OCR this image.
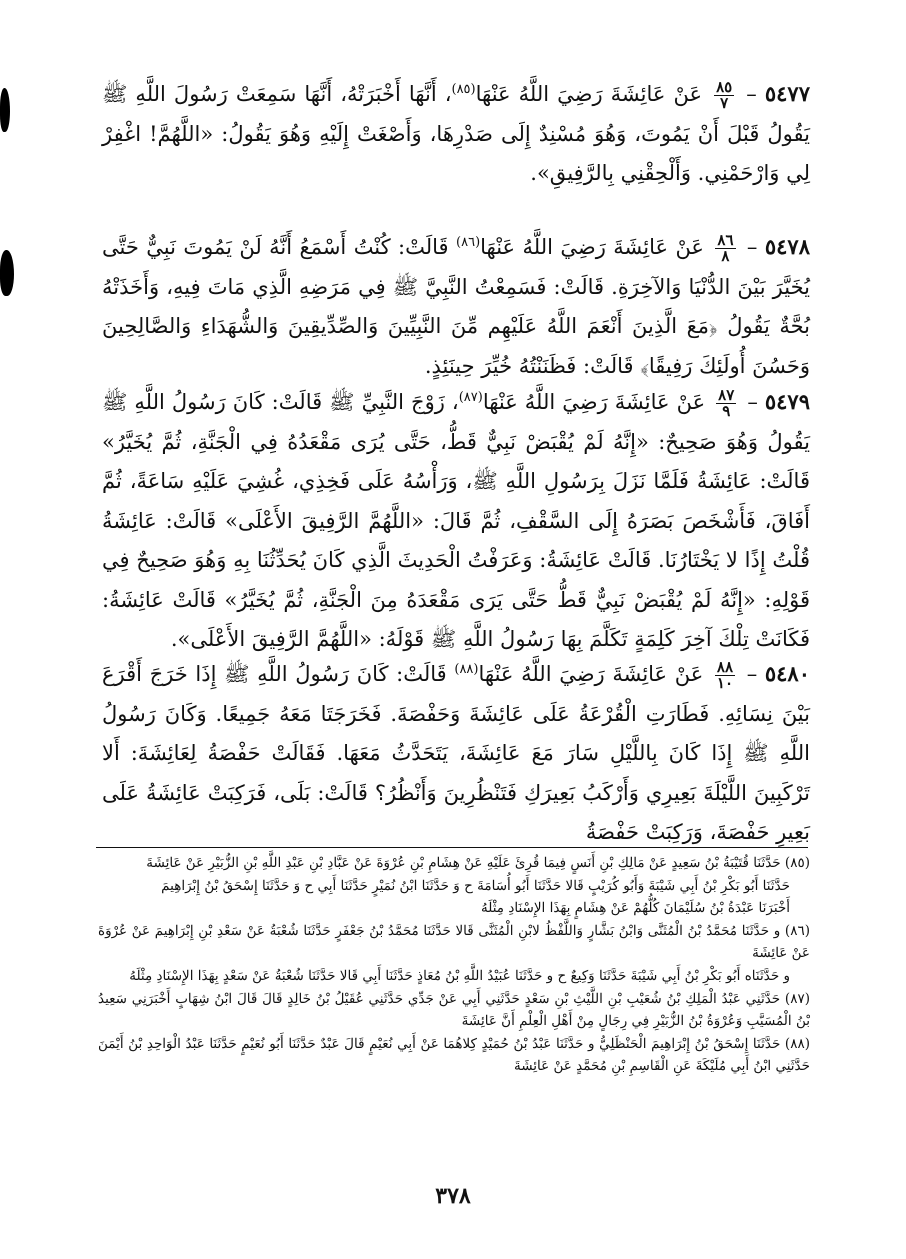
٥٤٧٧ –
$\frac{٨٥}{٧}$
عَنْ عَائِشَةَ رَضِيَ اللَّهُ عَنْهَا$^{(٨٥)}$، أَنَّهَا أَخْبَرَتْهُ، أَنَّهَا سَمِعَتْ رَسُولَ اللَّهِ ﷺ يَقُولُ قَبْلَ أَنْ يَمُوتَ، وَهُوَ مُسْنِدٌ إِلَى صَدْرِهَا، وَأَصْغَتْ إِلَيْهِ وَهُوَ يَقُولُ: «اللَّهُمَّ! اغْفِرْ لِي وَارْحَمْنِي. وَأَلْحِقْنِي بِالرَّفِيقِ».
٥٤٧٨ –
$\frac{٨٦}{٨}$
عَنْ عَائِشَةَ رَضِيَ اللَّهُ عَنْهَا$^{(٨٦)}$ قَالَتْ: كُنْتُ أَسْمَعُ أَنَّهُ لَنْ يَمُوتَ نَبِيٌّ حَتَّى يُخَيَّرَ بَيْنَ الدُّنْيَا وَالآخِرَةِ. قَالَتْ: فَسَمِعْتُ النَّبِيَّ ﷺ فِي مَرَضِهِ الَّذِي مَاتَ فِيهِ، وَأَخَذَتْهُ بُحَّةٌ يَقُولُ ﴿مَعَ الَّذِينَ أَنْعَمَ اللَّهُ عَلَيْهِم مِّنَ النَّبِيِّينَ وَالصِّدِّيقِينَ وَالشُّهَدَاءِ وَالصَّالِحِينَ وَحَسُنَ أُولَئِكَ رَفِيقًا﴾ قَالَتْ: فَظَنَنْتُهُ خُيِّرَ حِينَئِذٍ.
٥٤٧٩ –
$\frac{٨٧}{٩}$
عَنْ عَائِشَةَ رَضِيَ اللَّهُ عَنْهَا$^{(٨٧)}$، زَوْجَ النَّبِيِّ ﷺ قَالَتْ: كَانَ رَسُولُ اللَّهِ ﷺ يَقُولُ وَهُوَ صَحِيحٌ: «إِنَّهُ لَمْ يُقْبَضْ نَبِيٌّ قَطُّ، حَتَّى يُرَى مَقْعَدُهُ فِي الْجَنَّةِ، ثُمَّ يُخَيَّرُ» قَالَتْ: عَائِشَةُ فَلَمَّا نَزَلَ بِرَسُولِ اللَّهِ ﷺ، وَرَأْسُهُ عَلَى فَخِذِي، غُشِيَ عَلَيْهِ سَاعَةً، ثُمَّ أَفَاقَ، فَأَشْخَصَ بَصَرَهُ إِلَى السَّقْفِ، ثُمَّ قَالَ: «اللَّهُمَّ الرَّفِيقَ الأَعْلَى» قَالَتْ: عَائِشَةُ قُلْتُ إِذًا لا يَخْتَارُنَا. قَالَتْ عَائِشَةُ: وَعَرَفْتُ الْحَدِيثَ الَّذِي كَانَ يُحَدِّثُنَا بِهِ وَهُوَ صَحِيحٌ فِي قَوْلِهِ: «إِنَّهُ لَمْ يُقْبَضْ نَبِيٌّ قَطُّ حَتَّى يَرَى مَقْعَدَهُ مِنَ الْجَنَّةِ، ثُمَّ يُخَيَّرُ» قَالَتْ عَائِشَةُ: فَكَانَتْ تِلْكَ آخِرَ كَلِمَةٍ تَكَلَّمَ بِهَا رَسُولُ اللَّهِ ﷺ قَوْلَهُ: «اللَّهُمَّ الرَّفِيقَ الأَعْلَى».
٥٤٨٠ –
$\frac{٨٨}{١٠}$
عَنْ عَائِشَةَ رَضِيَ اللَّهُ عَنْهَا$^{(٨٨)}$ قَالَتْ: كَانَ رَسُولُ اللَّهِ ﷺ إِذَا خَرَجَ أَقْرَعَ بَيْنَ نِسَائِهِ. فَطَارَتِ الْقُرْعَةُ عَلَى عَائِشَةَ وَحَفْصَةَ. فَخَرَجَتَا مَعَهُ جَمِيعًا. وَكَانَ رَسُولُ اللَّهِ ﷺ إِذَا كَانَ بِاللَّيْلِ سَارَ مَعَ عَائِشَةَ، يَتَحَدَّثُ مَعَهَا. فَقَالَتْ حَفْصَةُ لِعَائِشَةَ: أَلا تَرْكَبِينَ اللَّيْلَةَ بَعِيرِي وَأَرْكَبُ بَعِيرَكِ فَتَنْظُرِينَ وَأَنْظُرُ؟ قَالَتْ: بَلَى، فَرَكِبَتْ عَائِشَةُ عَلَى بَعِيرِ حَفْصَةَ، وَرَكِبَتْ حَفْصَةُ

(٨٥) حَدَّثَنَا قُتَيْبَةُ بْنُ سَعِيدٍ عَنْ مَالِكِ بْنِ أَنَسٍ فِيمَا قُرِئَ عَلَيْهِ عَنْ هِشَامِ بْنِ عُرْوَةَ عَنْ عَبَّادِ بْنِ عَبْدِ اللَّهِ بْنِ الزُّبَيْرِ عَنْ عَائِشَةَ

حَدَّثَنَا أَبُو بَكْرِ بْنُ أَبِي شَيْبَةَ وَأَبُو كُرَيْبٍ قَالا حَدَّثَنَا أَبُو أُسَامَةَ ح وَ حَدَّثَنَا ابْنُ نُمَيْرٍ حَدَّثَنَا أَبِي ح وَ حَدَّثَنَا إِسْحَقُ بْنُ إِبْرَاهِيمَ

أَخْبَرَنَا عَبْدَةُ بْنُ سُلَيْمَانَ كُلُّهُمْ عَنْ هِشَامٍ بِهَذَا الإِسْنَادِ مِثْلَهُ

(٨٦) و حَدَّثَنَا مُحَمَّدُ بْنُ الْمُثَنَّى وَابْنُ بَشَّارٍ وَاللَّفْظُ لابْنِ الْمُثَنَّى قَالا حَدَّثَنَا مُحَمَّدُ بْنُ جَعْفَرٍ حَدَّثَنَا شُعْبَةُ عَنْ سَعْدِ بْنِ إِبْرَاهِيمَ عَنْ عُرْوَةَ عَنْ عَائِشَةَ

و حَدَّثَنَاه أَبُو بَكْرِ بْنُ أَبِي شَيْبَةَ حَدَّثَنَا وَكِيعٌ ح و حَدَّثَنَا عُبَيْدُ اللَّهِ بْنُ مُعَاذٍ حَدَّثَنَا أَبِي قَالا حَدَّثَنَا شُعْبَةُ عَنْ سَعْدٍ بِهَذَا الإِسْنَادِ مِثْلَهُ

(٨٧) حَدَّثَنِي عَبْدُ الْمَلِكِ بْنُ شُعَيْبِ بْنِ اللَّيْثِ بْنِ سَعْدٍ حَدَّثَنِي أَبِي عَنْ جَدِّي حَدَّثَنِي عُقَيْلُ بْنُ خَالِدٍ قَالَ قَالَ ابْنُ شِهَابٍ أَخْبَرَنِي سَعِيدُ بْنُ الْمُسَيَّبِ وَعُرْوَةُ بْنُ الزُّبَيْرِ فِي رِجَالٍ مِنْ أَهْلِ الْعِلْمِ أَنَّ عَائِشَةَ

(٨٨) حَدَّثَنَا إِسْحَقُ بْنُ إِبْرَاهِيمَ الْحَنْظَلِيُّ و حَدَّثَنَا عَبْدُ بْنُ حُمَيْدٍ كِلاهُمَا عَنْ أَبِي نُعَيْمٍ قَالَ عَبْدٌ حَدَّثَنَا أَبُو نُعَيْمٍ حَدَّثَنَا عَبْدُ الْوَاحِدِ بْنُ أَيْمَنَ حَدَّثَنِي ابْنُ أَبِي مُلَيْكَةَ عَنِ الْقَاسِمِ بْنِ مُحَمَّدٍ عَنْ عَائِشَةَ

٣٧٨
